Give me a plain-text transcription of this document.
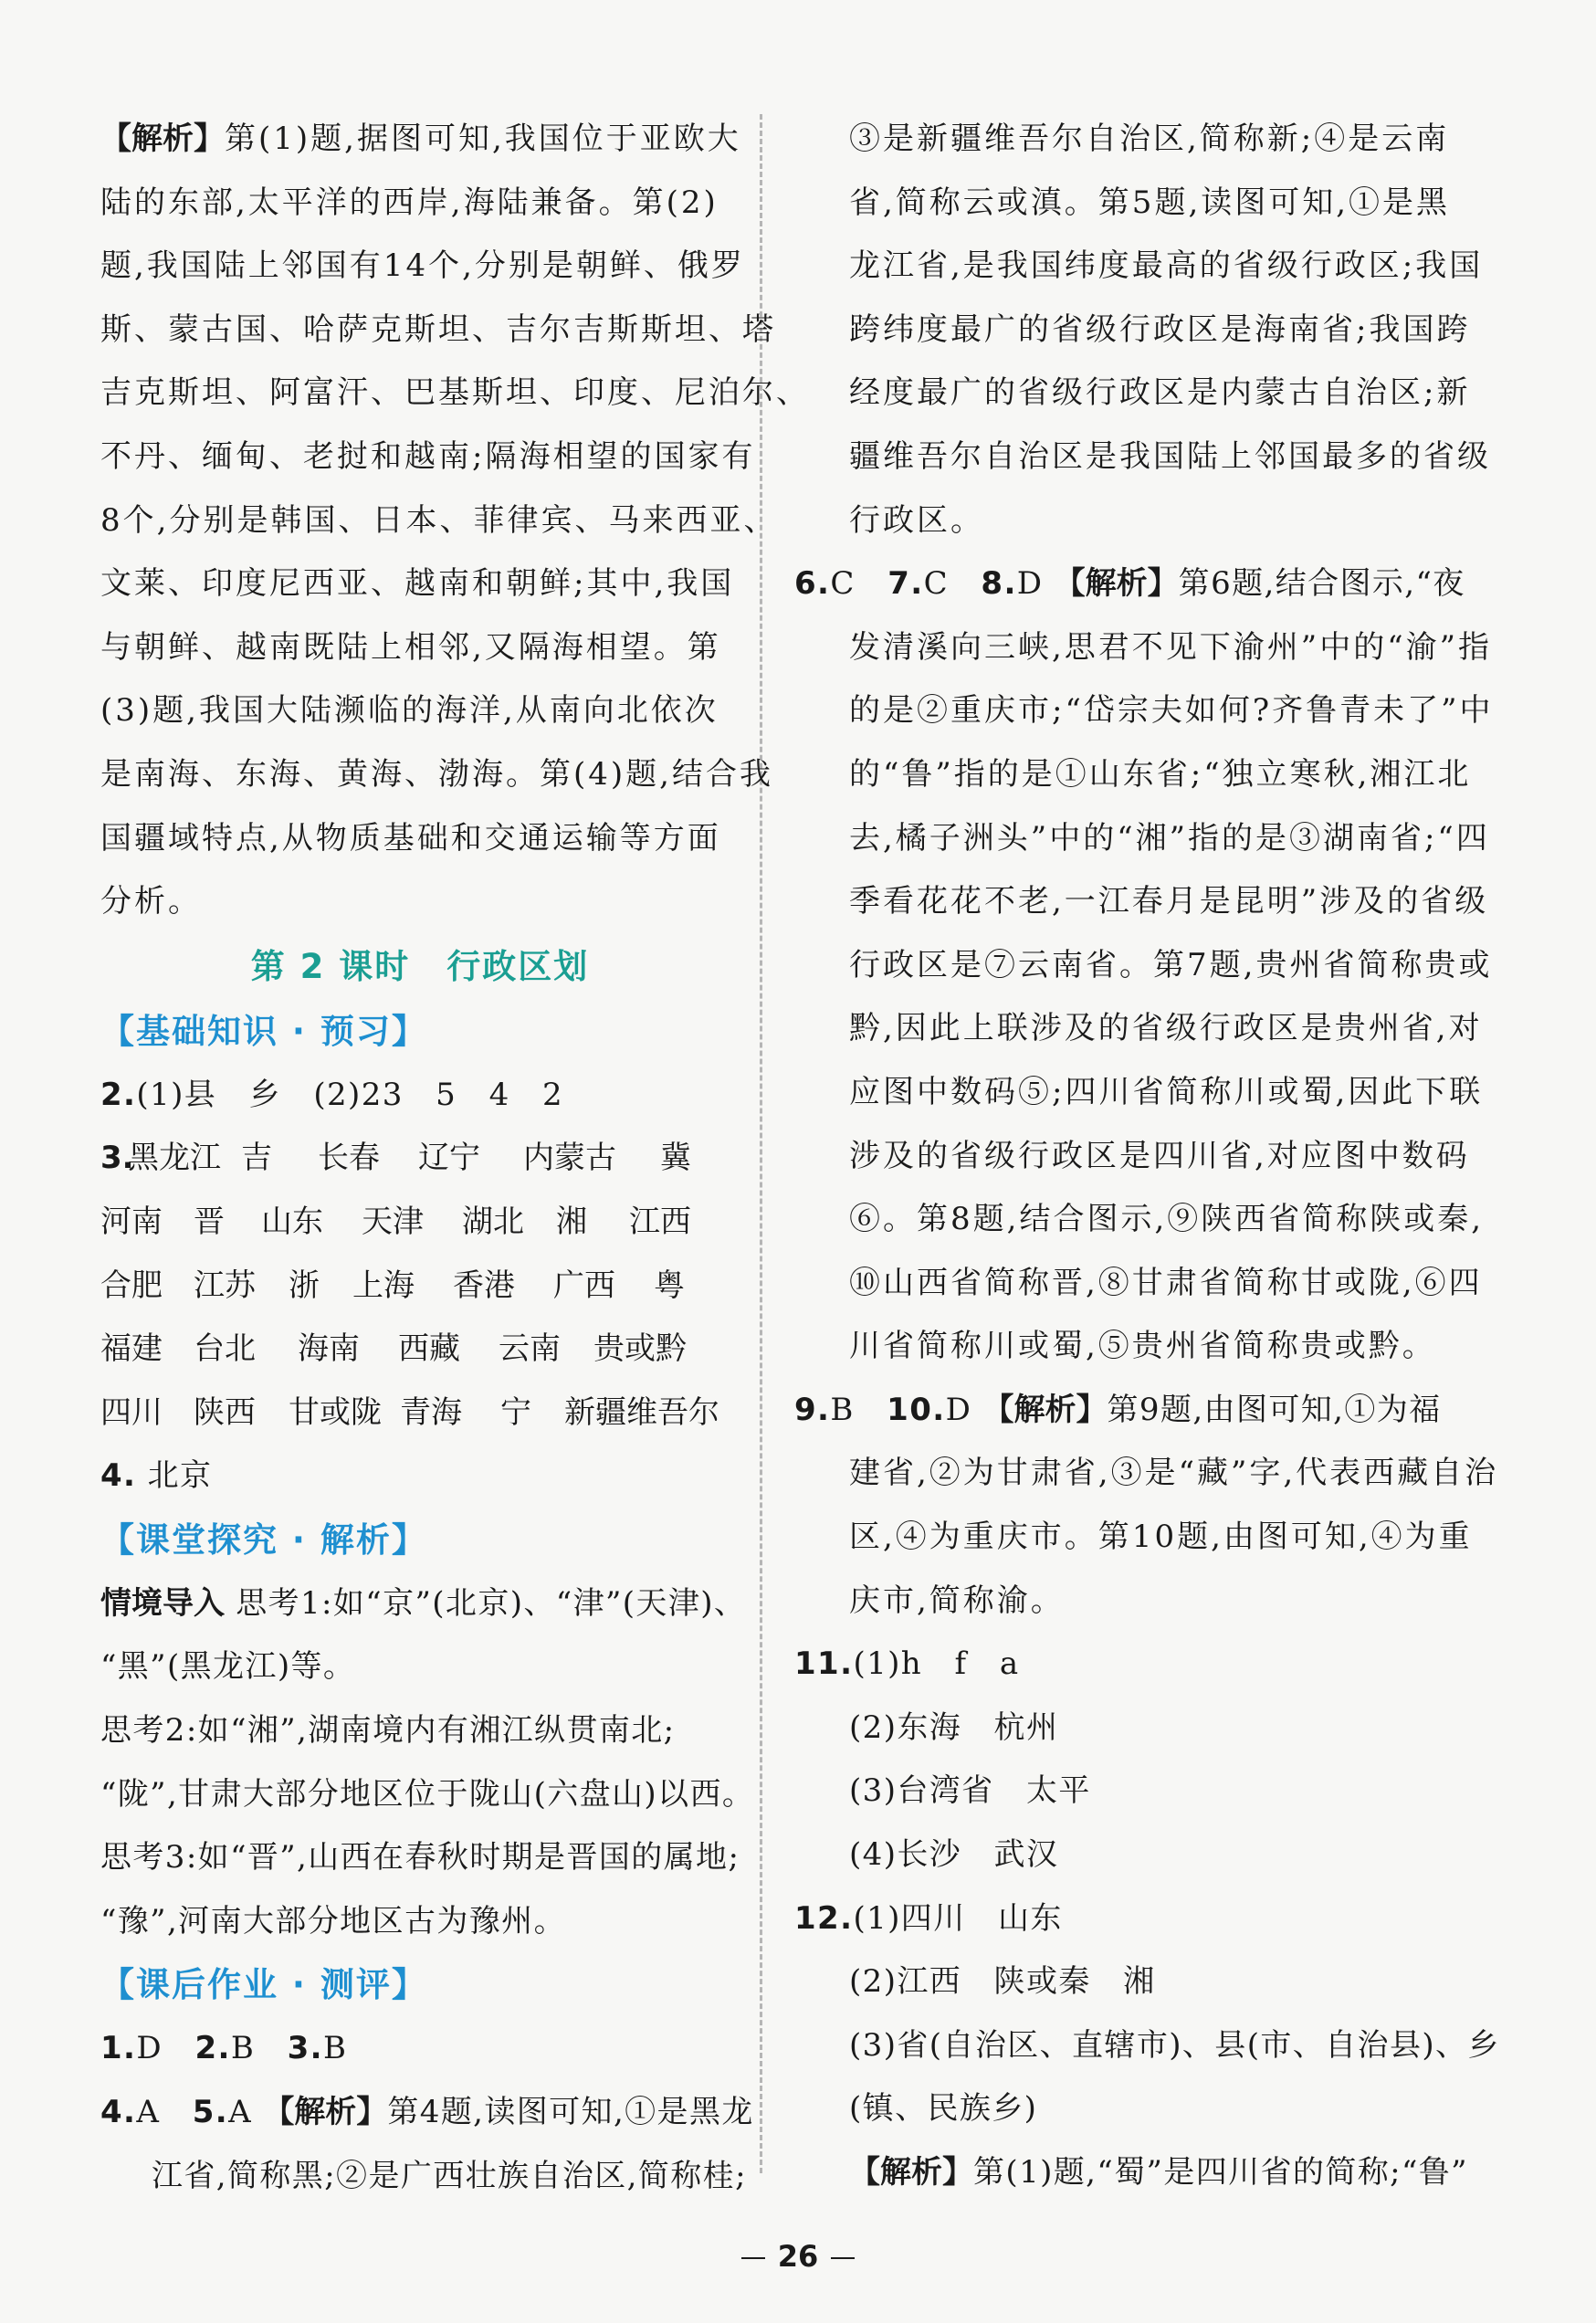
【解析】第(1)题,据图可知,我国位于亚欧大
陆的东部,太平洋的西岸,海陆兼备。第(2)
题,我国陆上邻国有14个,分别是朝鲜、俄罗
斯、蒙古国、哈萨克斯坦、吉尔吉斯斯坦、塔
吉克斯坦、阿富汗、巴基斯坦、印度、尼泊尔、
不丹、缅甸、老挝和越南;隔海相望的国家有
8个,分别是韩国、日本、菲律宾、马来西亚、
文莱、印度尼西亚、越南和朝鲜;其中,我国
与朝鲜、越南既陆上相邻,又隔海相望。第
(3)题,我国大陆濒临的海洋,从南向北依次
是南海、东海、黄海、渤海。第(4)题,结合我
国疆域特点,从物质基础和交通运输等方面
分析。
第 2 课时 行政区划
【基础知识 · 预习】
2.(1)县　乡　(2)23　5　4　2
3.
黑龙江 吉	长春	辽宁	内蒙古	冀
河南	晋	山东	天津	湖北	湘	江西
合肥	江苏	浙	上海	香港	广西	粤
福建	台北	海南	西藏	云南	贵或黔
四川	陕西	甘或陇 青海	宁	新疆维吾尔
4. 北京
【课堂探究 · 解析】
情境导入 思考1:如“京”(北京)、“津”(天津)、
“黑”(黑龙江)等。
思考2:如“湘”,湖南境内有湘江纵贯南北;
“陇”,甘肃大部分地区位于陇山(六盘山)以西。
思考3:如“晋”,山西在春秋时期是晋国的属地;
“豫”,河南大部分地区古为豫州。
【课后作业 · 测评】
1.D　 2.B　 3.B
4.A　 5.A 【解析】第4题,读图可知,①是黑龙
江省,简称黑;②是广西壮族自治区,简称桂;
③是新疆维吾尔自治区,简称新;④是云南
省,简称云或滇。第5题,读图可知,①是黑
龙江省,是我国纬度最高的省级行政区;我国
跨纬度最广的省级行政区是海南省;我国跨
经度最广的省级行政区是内蒙古自治区;新
疆维吾尔自治区是我国陆上邻国最多的省级
行政区。
6.C　 7.C　 8.D 【解析】第6题,结合图示,“夜
发清溪向三峡,思君不见下渝州”中的“渝”指
的是②重庆市;“岱宗夫如何?齐鲁青未了”中
的“鲁”指的是①山东省;“独立寒秋,湘江北
去,橘子洲头”中的“湘”指的是③湖南省;“四
季看花花不老,一江春月是昆明”涉及的省级
行政区是⑦云南省。第7题,贵州省简称贵或
黔,因此上联涉及的省级行政区是贵州省,对
应图中数码⑤;四川省简称川或蜀,因此下联
涉及的省级行政区是四川省,对应图中数码
⑥。第8题,结合图示,⑨陕西省简称陕或秦,
⑩山西省简称晋,⑧甘肃省简称甘或陇,⑥四
川省简称川或蜀,⑤贵州省简称贵或黔。
9.B　 10.D 【解析】第9题,由图可知,①为福
建省,②为甘肃省,③是“藏”字,代表西藏自治
区,④为重庆市。第10题,由图可知,④为重
庆市,简称渝。
11.(1)h　f　a
(2)东海　杭州
(3)台湾省　太平
(4)长沙　武汉
12.(1)四川　山东
(2)江西　陕或秦　湘
(3)省(自治区、直辖市)、县(市、自治县)、乡
(镇、民族乡)
【解析】第(1)题,“蜀”是四川省的简称;“鲁”
26
